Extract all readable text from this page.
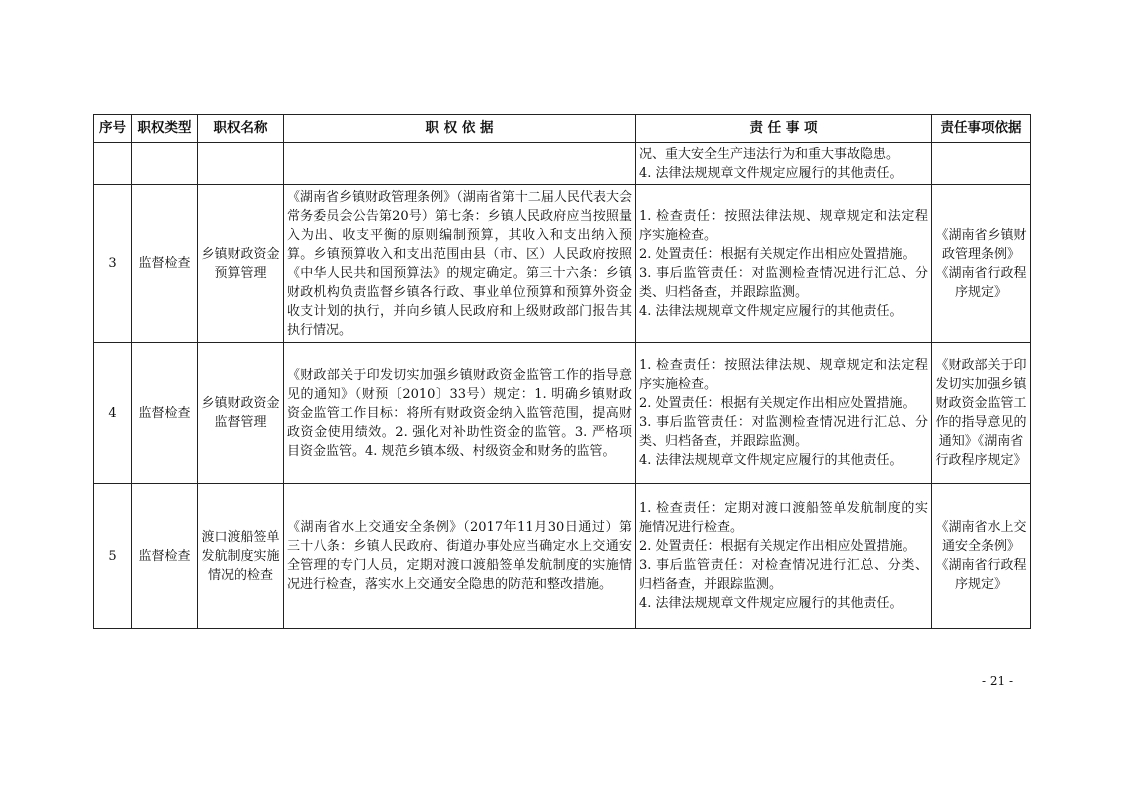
序号	职权类型	职权名称	职 权 依 据	责 任 事 项	责任事项依据

				况、重大安全生产违法行为和重大事故隐患。
4. 法律法规规章文件规定应履行的其他责任。	

3	监督检查	乡镇财政资金预算管理	《湖南省乡镇财政管理条例》（湖南省第十二届人民代表大会常务委员会公告第20号）第七条：乡镇人民政府应当按照量入为出、收支平衡的原则编制预算，其收入和支出纳入预算。乡镇预算收入和支出范围由县（市、区）人民政府按照《中华人民共和国预算法》的规定确定。第三十六条：乡镇财政机构负责监督乡镇各行政、事业单位预算和预算外资金收支计划的执行，并向乡镇人民政府和上级财政部门报告其执行情况。	1. 检查责任：按照法律法规、规章规定和法定程序实施检查。
2. 处置责任：根据有关规定作出相应处置措施。
3. 事后监管责任：对监测检查情况进行汇总、分类、归档备查，并跟踪监测。
4. 法律法规规章文件规定应履行的其他责任。	《湖南省乡镇财政管理条例》《湖南省行政程序规定》
4	监督检查	乡镇财政资金监督管理	《财政部关于印发切实加强乡镇财政资金监管工作的指导意见的通知》（财预〔2010〕33号）规定：1. 明确乡镇财政资金监管工作目标：将所有财政资金纳入监管范围，提高财政资金使用绩效。2. 强化对补助性资金的监管。3. 严格项目资金监管。4. 规范乡镇本级、村级资金和财务的监管。	1. 检查责任：按照法律法规、规章规定和法定程序实施检查。
2. 处置责任：根据有关规定作出相应处置措施。
3. 事后监管责任：对监测检查情况进行汇总、分类、归档备查，并跟踪监测。
4. 法律法规规章文件规定应履行的其他责任。	《财政部关于印发切实加强乡镇财政资金监管工作的指导意见的通知》《湖南省行政程序规定》
5	监督检查	渡口渡船签单发航制度实施情况的检查	《湖南省水上交通安全条例》（2017年11月30日通过）第三十八条：乡镇人民政府、街道办事处应当确定水上交通安全管理的专门人员，定期对渡口渡船签单发航制度的实施情况进行检查，落实水上交通安全隐患的防范和整改措施。	1. 检查责任：定期对渡口渡船签单发航制度的实施情况进行检查。
2. 处置责任：根据有关规定作出相应处置措施。
3. 事后监管责任：对检查情况进行汇总、分类、归档备查，并跟踪监测。
4. 法律法规规章文件规定应履行的其他责任。	《湖南省水上交通安全条例》《湖南省行政程序规定》
- 21 -
